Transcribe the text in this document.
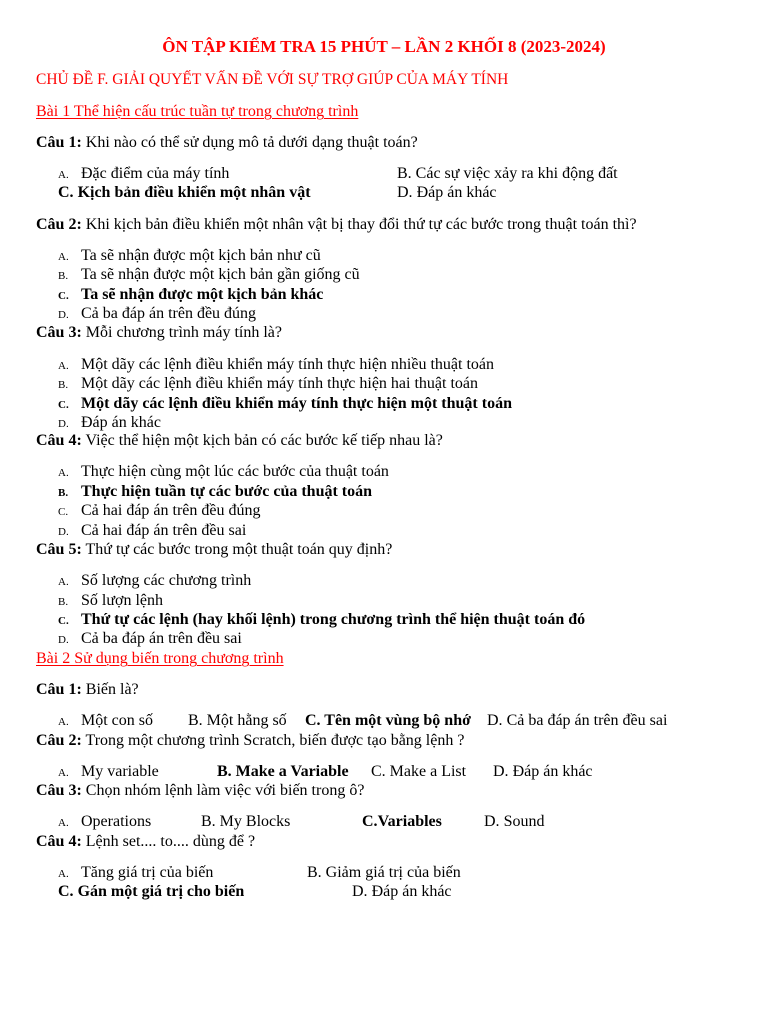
ÔN TẬP KIỂM TRA 15 PHÚT – LẦN 2 KHỐI 8 (2023-2024)
CHỦ ĐỀ F. GIẢI QUYẾT VẤN ĐỀ VỚI SỰ TRỢ GIÚP CỦA MÁY TÍNH
Bài 1 Thể hiện cấu trúc tuần tự trong chương trình
Câu 1: Khi nào có thể sử dụng mô tả dưới dạng thuật toán?
A. Đặc điểm của máy tính	B. Các sự việc xảy ra khi động đất
C. Kịch bản điều khiển một nhân vật	D. Đáp án khác
Câu 2: Khi kịch bản điều khiển một nhân vật bị thay đổi thứ tự các bước trong thuật toán thì?
A. Ta sẽ nhận được một kịch bản như cũ
B. Ta sẽ nhận được một kịch bản gần giống cũ
C. Ta sẽ nhận được một kịch bản khác
D. Cả ba đáp án trên đều đúng
Câu 3: Mỗi chương trình máy tính là?
A. Một dãy các lệnh điều khiển máy tính thực hiện nhiều thuật toán
B. Một dãy các lệnh điều khiển máy tính thực hiện hai thuật toán
C. Một dãy các lệnh điều khiển máy tính thực hiện một thuật toán
D. Đáp án khác
Câu 4: Việc thể hiện một kịch bản có các bước kế tiếp nhau là?
A. Thực hiện cùng một lúc các bước của thuật toán
B. Thực hiện tuần tự các bước của thuật toán
C. Cả hai đáp án trên đều đúng
D. Cả hai đáp án trên đều sai
Câu 5: Thứ tự các bước trong một thuật toán quy định?
A. Số lượng các chương trình
B. Số lượn lệnh
C. Thứ tự các lệnh (hay khối lệnh) trong chương trình thể hiện thuật toán đó
D. Cả ba đáp án trên đều sai
Bài 2 Sử dụng biến trong chương trình
Câu 1: Biến là?
A. Một con số B. Một hằng số C. Tên một vùng bộ nhớ D. Cả ba đáp án trên đều sai
Câu 2: Trong một chương trình Scratch, biến được tạo bằng lệnh ?
A. My variable	B. Make a Variable C. Make a List D. Đáp án khác
Câu 3: Chọn nhóm lệnh làm việc với biến trong ô?
A. Operations	B. My Blocks	C.Variables	D. Sound
Câu 4: Lệnh set.... to.... dùng để ?
A. Tăng giá trị của biến	B. Giảm giá trị của biến
C. Gán một giá trị cho biến	D. Đáp án khác
